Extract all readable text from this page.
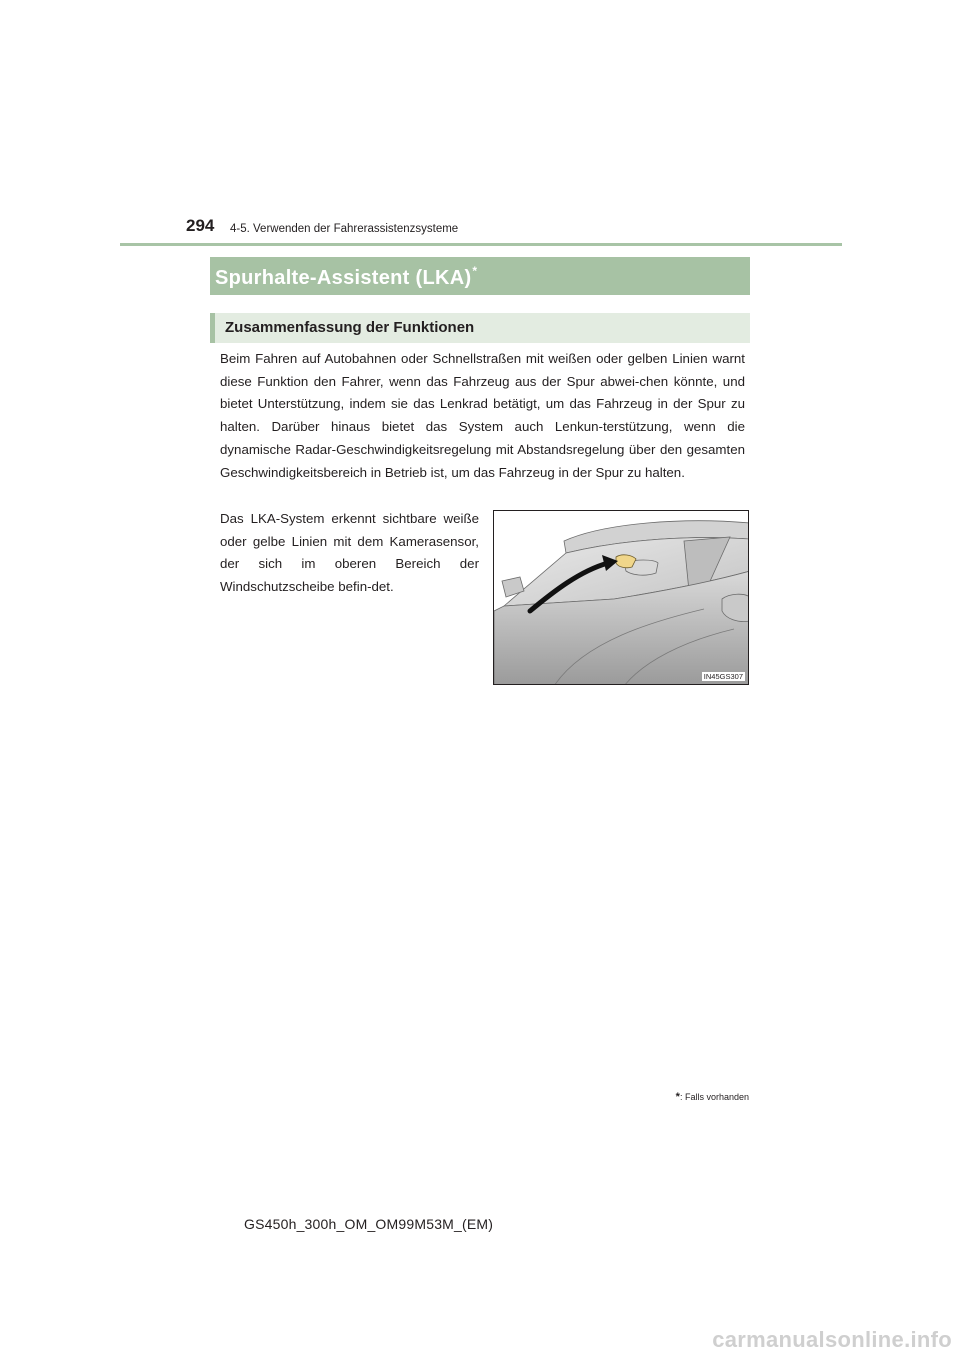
294 4-5. Verwenden der Fahrerassistenzsysteme
Spurhalte-Assistent (LKA)*
Zusammenfassung der Funktionen

Beim Fahren auf Autobahnen oder Schnellstraßen mit weißen oder gelben Linien warnt diese Funktion den Fahrer, wenn das Fahrzeug aus der Spur abwei-chen könnte, und bietet Unterstützung, indem sie das Lenkrad betätigt, um das Fahrzeug in der Spur zu halten. Darüber hinaus bietet das System auch Lenkun-terstützung, wenn die dynamische Radar-Geschwindigkeitsregelung mit Abstandsregelung über den gesamten Geschwindigkeitsbereich in Betrieb ist, um das Fahrzeug in der Spur zu halten.

Das LKA-System erkennt sichtbare weiße oder gelbe Linien mit dem Kamerasensor, der sich im oberen Bereich der Windschutzscheibe befin-det.

IN45GS307
*: Falls vorhanden
GS450h_300h_OM_OM99M53M_(EM)
carmanualsonline.info
